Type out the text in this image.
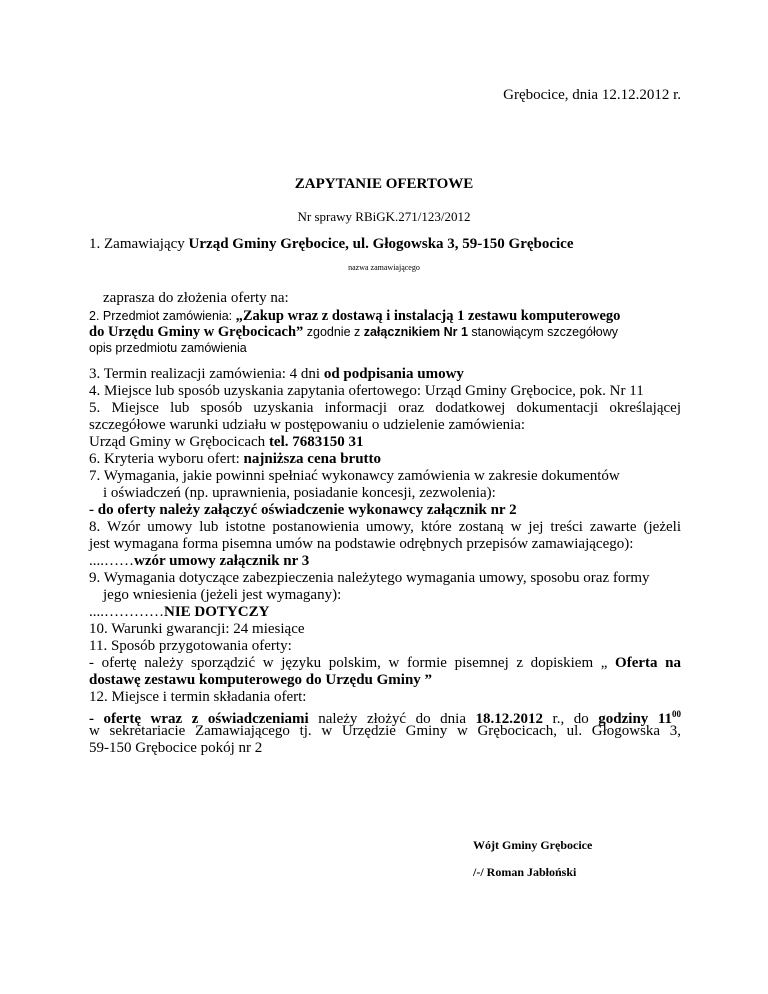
Grębocice, dnia 12.12.2012 r.
ZAPYTANIE OFERTOWE
Nr sprawy RBiGK.271/123/2012
1. Zamawiający Urząd Gminy Grębocice, ul. Głogowska 3, 59-150 Grębocice
nazwa zamawiającego
zaprasza do złożenia oferty na:
2. Przedmiot zamówienia: „Zakup wraz z dostawą i instalacją 1 zestawu komputerowego
do Urzędu Gminy w Grębocicach” zgodnie z załącznikiem Nr 1 stanowiącym szczegółowy
opis przedmiotu zamówienia
3. Termin realizacji zamówienia: 4 dni od podpisania umowy
4. Miejsce lub sposób uzyskania zapytania ofertowego: Urząd Gminy Grębocice, pok. Nr 11
5. Miejsce lub sposób uzyskania informacji oraz dodatkowej dokumentacji określającej
szczegółowe warunki udziału w postępowaniu o udzielenie zamówienia:
Urząd Gminy w Grębocicach tel. 7683150 31
6. Kryteria wyboru ofert: najniższa cena brutto
7. Wymagania, jakie powinni spełniać wykonawcy zamówienia w zakresie dokumentów
i oświadczeń (np. uprawnienia, posiadanie koncesji, zezwolenia):
- do oferty należy załączyć oświadczenie wykonawcy załącznik nr 2
8. Wzór umowy lub istotne postanowienia umowy, które zostaną w jej treści zawarte (jeżeli
jest wymagana forma pisemna umów na podstawie odrębnych przepisów zamawiającego):
....……wzór umowy załącznik nr 3
9. Wymagania dotyczące zabezpieczenia należytego wymagania umowy, sposobu oraz formy
jego wniesienia (jeżeli jest wymagany):
....…………NIE DOTYCZY
10. Warunki gwarancji: 24 miesiące
11. Sposób przygotowania oferty:
- ofertę należy sporządzić w języku polskim, w formie pisemnej z dopiskiem „ Oferta na
dostawę zestawu komputerowego do Urzędu Gminy ”
12. Miejsce i termin składania ofert:
- ofertę wraz z oświadczeniami należy złożyć do dnia 18.12.2012 r., do godziny $11^{00}$
w sekretariacie Zamawiającego tj. w Urzędzie Gminy w Grębocicach, ul. Głogowska 3,
59-150 Grębocice pokój nr 2
Wójt Gminy Grębocice
/-/ Roman Jabłoński
